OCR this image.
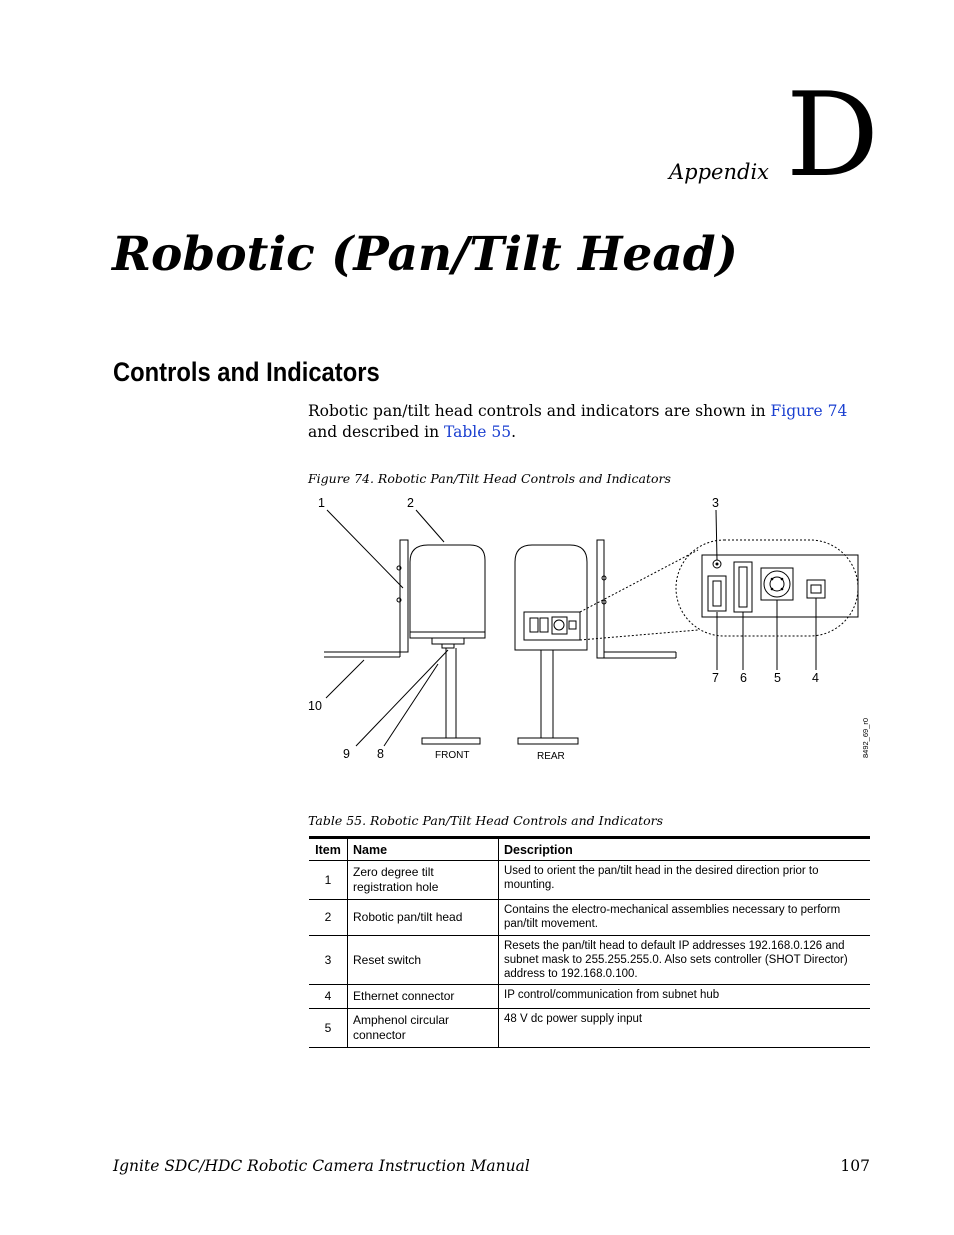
Appendix D
Robotic (Pan/Tilt Head)
Controls and Indicators

Robotic pan/tilt head controls and indicators are shown in Figure 74 and described in Table 55.

Figure 74. Robotic Pan/Tilt Head Controls and Indicators
1	2	3
4
5
6
7
8
9
10
FRONT	REAR	8492_69_r0
Table 55. Robotic Pan/Tilt Head Controls and Indicators
Item	Name	Description
1	Zero degree tilt registration hole	Used to orient the pan/tilt head in the desired direction prior to mounting.
2	Robotic pan/tilt head	Contains the electro-mechanical assemblies necessary to perform pan/tilt movement.
3	Reset switch	Resets the pan/tilt head to default IP addresses 192.168.0.126 and subnet mask to 255.255.255.0. Also sets controller (SHOT Director) address to 192.168.0.100.
4	Ethernet connector	IP control/communication from subnet hub
5	Amphenol circular connector	48 V dc power supply input
Ignite SDC/HDC Robotic Camera Instruction Manual	107
